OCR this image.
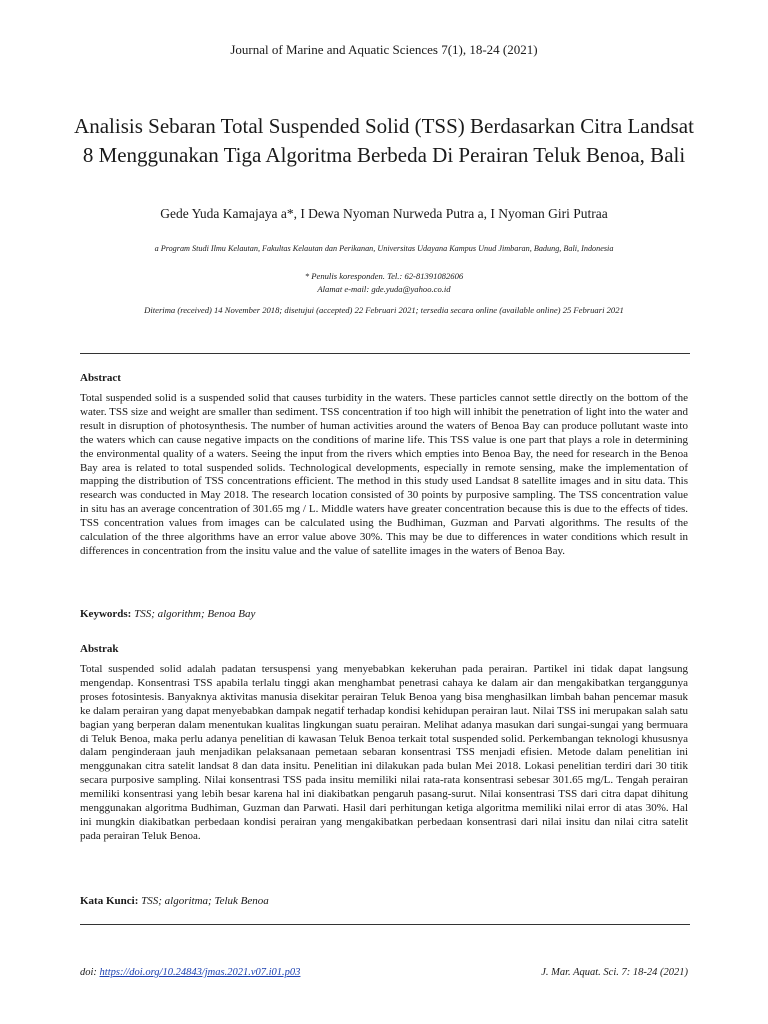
Journal of Marine and Aquatic Sciences 7(1), 18-24 (2021)
Analisis Sebaran Total Suspended Solid (TSS) Berdasarkan Citra Landsat 8 Menggunakan Tiga Algoritma Berbeda Di Perairan Teluk Benoa, Bali
Gede Yuda Kamajaya a*, I Dewa Nyoman Nurweda Putra a, I Nyoman Giri Putraa
a Program Studi Ilmu Kelautan, Fakultas Kelautan dan Perikanan, Universitas Udayana Kampus Unud Jimbaran, Badung, Bali, Indonesia
* Penulis koresponden. Tel.: 62-81391082606
Alamat e-mail: gde.yuda@yahoo.co.id
Diterima (received) 14 November 2018; disetujui (accepted) 22 Februari 2021; tersedia secara online (available online) 25 Februari 2021
Abstract
Total suspended solid is a suspended solid that causes turbidity in the waters. These particles cannot settle directly on the bottom of the water. TSS size and weight are smaller than sediment. TSS concentration if too high will inhibit the penetration of light into the water and result in disruption of photosynthesis. The number of human activities around the waters of Benoa Bay can produce pollutant waste into the waters which can cause negative impacts on the conditions of marine life. This TSS value is one part that plays a role in determining the environmental quality of a waters. Seeing the input from the rivers which empties into Benoa Bay, the need for research in the Benoa Bay area is related to total suspended solids. Technological developments, especially in remote sensing, make the implementation of mapping the distribution of TSS concentrations efficient. The method in this study used Landsat 8 satellite images and in situ data. This research was conducted in May 2018. The research location consisted of 30 points by purposive sampling. The TSS concentration value in situ has an average concentration of 301.65 mg / L. Middle waters have greater concentration because this is due to the effects of tides. TSS concentration values from images can be calculated using the Budhiman, Guzman and Parvati algorithms. The results of the calculation of the three algorithms have an error value above 30%. This may be due to differences in water conditions which result in differences in concentration from the insitu value and the value of satellite images in the waters of Benoa Bay.
Keywords: TSS; algorithm; Benoa Bay
Abstrak
Total suspended solid adalah padatan tersuspensi yang menyebabkan kekeruhan pada perairan. Partikel ini tidak dapat langsung mengendap. Konsentrasi TSS apabila terlalu tinggi akan menghambat penetrasi cahaya ke dalam air dan mengakibatkan terganggunya proses fotosintesis. Banyaknya aktivitas manusia disekitar perairan Teluk Benoa yang bisa menghasilkan limbah bahan pencemar masuk ke dalam perairan yang dapat menyebabkan dampak negatif terhadap kondisi kehidupan perairan laut. Nilai TSS ini merupakan salah satu bagian yang berperan dalam menentukan kualitas lingkungan suatu perairan. Melihat adanya masukan dari sungai-sungai yang bermuara di Teluk Benoa, maka perlu adanya penelitian di kawasan Teluk Benoa terkait total suspended solid. Perkembangan teknologi khususnya dalam penginderaan jauh menjadikan pelaksanaan pemetaan sebaran konsentrasi TSS menjadi efisien. Metode dalam penelitian ini menggunakan citra satelit landsat 8 dan data insitu. Penelitian ini dilakukan pada bulan Mei 2018. Lokasi penelitian terdiri dari 30 titik secara purposive sampling. Nilai konsentrasi TSS pada insitu memiliki nilai rata-rata konsentrasi sebesar 301.65 mg/L. Tengah perairan memiliki konsentrasi yang lebih besar karena hal ini diakibatkan pengaruh pasang-surut. Nilai konsentrasi TSS dari citra dapat dihitung menggunakan algoritma Budhiman, Guzman dan Parwati. Hasil dari perhitungan ketiga algoritma memiliki nilai error di atas 30%. Hal ini mungkin diakibatkan perbedaan kondisi perairan yang mengakibatkan perbedaan konsentrasi dari nilai insitu dan nilai citra satelit pada perairan Teluk Benoa.
Kata Kunci: TSS; algoritma; Teluk Benoa
doi: https://doi.org/10.24843/jmas.2021.v07.i01.p03	J. Mar. Aquat. Sci. 7: 18-24 (2021)
